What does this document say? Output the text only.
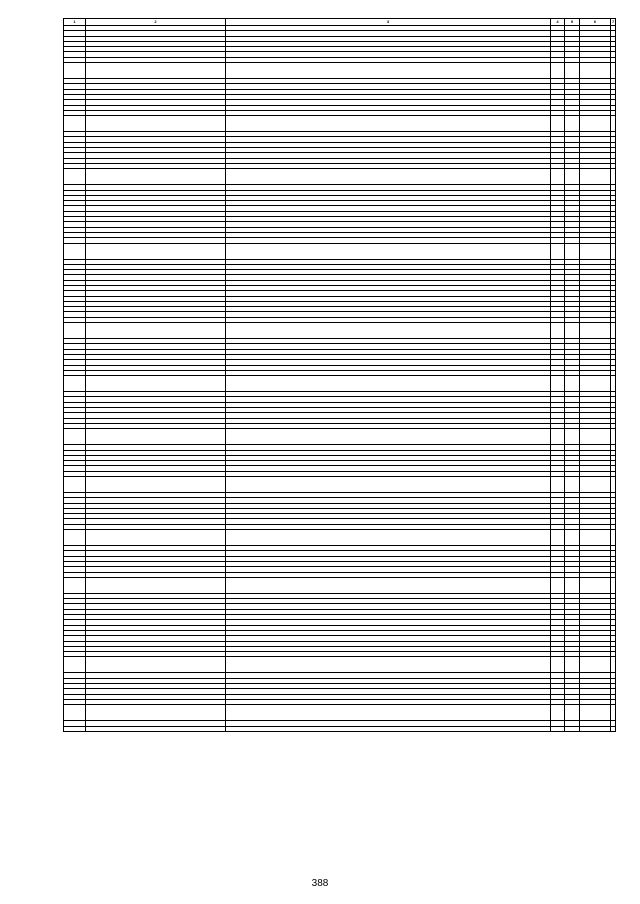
1	2	3	4	5	6	7

388
